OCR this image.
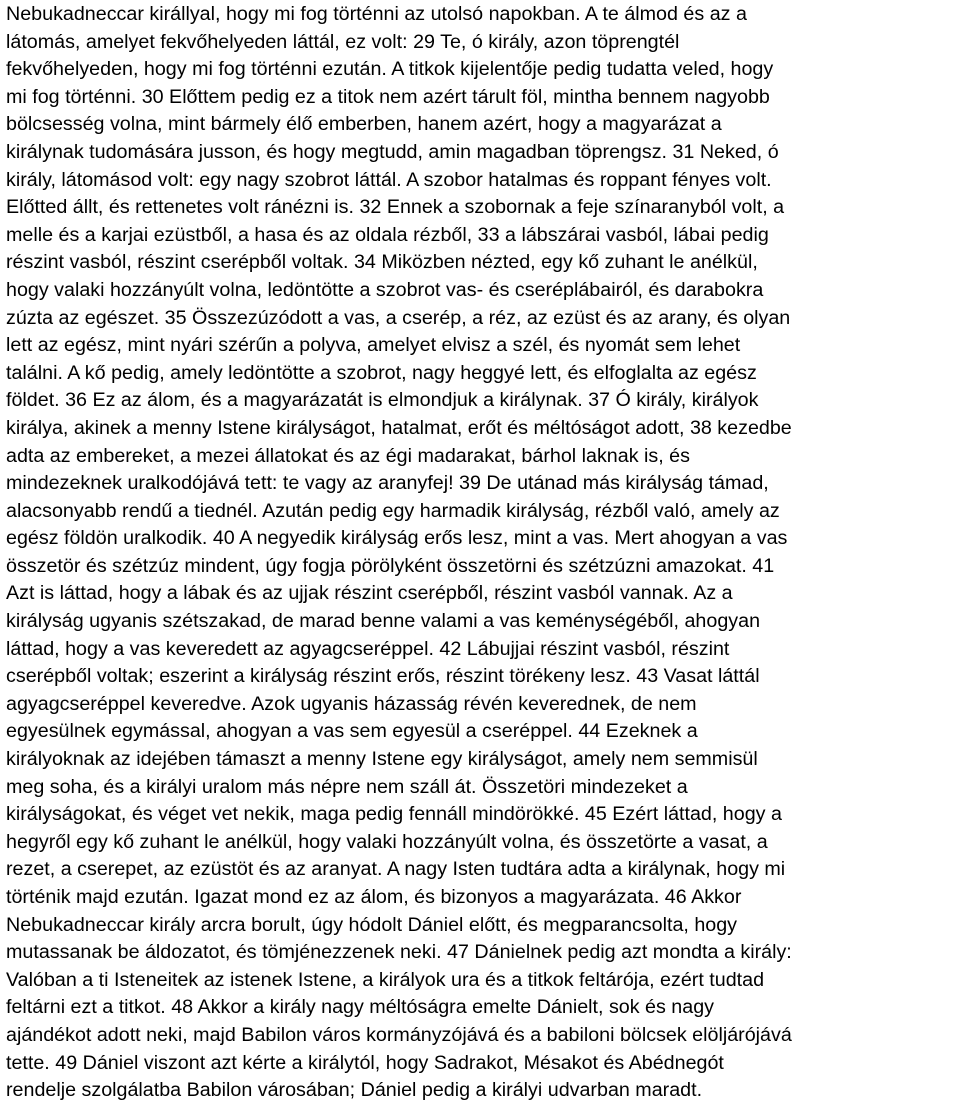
Nebukadneccar királlyal, hogy mi fog történni az utolsó napokban. A te álmod és az a
látomás, amelyet fekvőhelyeden láttál, ez volt: 29 Te, ó király, azon töprengtél
fekvőhelyeden, hogy mi fog történni ezután. A titkok kijelentője pedig tudatta veled, hogy
mi fog történni. 30 Előttem pedig ez a titok nem azért tárult föl, mintha bennem nagyobb
bölcsesség volna, mint bármely élő emberben, hanem azért, hogy a magyarázat a
királynak tudomására jusson, és hogy megtudd, amin magadban töprengsz. 31 Neked, ó
király, látomásod volt: egy nagy szobrot láttál. A szobor hatalmas és roppant fényes volt.
Előtted állt, és rettenetes volt ránézni is. 32 Ennek a szobornak a feje színaranyból volt, a
melle és a karjai ezüstből, a hasa és az oldala rézből, 33 a lábszárai vasból, lábai pedig
részint vasból, részint cserépből voltak. 34 Miközben nézted, egy kő zuhant le anélkül,
hogy valaki hozzányúlt volna, ledöntötte a szobrot vas- és cseréplábairól, és darabokra
zúzta az egészet. 35 Összezúzódott a vas, a cserép, a réz, az ezüst és az arany, és olyan
lett az egész, mint nyári szérűn a polyva, amelyet elvisz a szél, és nyomát sem lehet
találni. A kő pedig, amely ledöntötte a szobrot, nagy heggyé lett, és elfoglalta az egész
földet. 36 Ez az álom, és a magyarázatát is elmondjuk a királynak. 37 Ó király, királyok
királya, akinek a menny Istene királyságot, hatalmat, erőt és méltóságot adott, 38 kezedbe
adta az embereket, a mezei állatokat és az égi madarakat, bárhol laknak is, és
mindezeknek uralkodójává tett: te vagy az aranyfej! 39 De utánad más királyság támad,
alacsonyabb rendű a tiednél. Azután pedig egy harmadik királyság, rézből való, amely az
egész földön uralkodik. 40 A negyedik királyság erős lesz, mint a vas. Mert ahogyan a vas
összetör és szétzúz mindent, úgy fogja pörölyként összetörni és szétzúzni amazokat. 41
Azt is láttad, hogy a lábak és az ujjak részint cserépből, részint vasból vannak. Az a
királyság ugyanis szétszakad, de marad benne valami a vas keménységéből, ahogyan
láttad, hogy a vas keveredett az agyagcseréppel. 42 Lábujjai részint vasból, részint
cserépből voltak; eszerint a királyság részint erős, részint törékeny lesz. 43 Vasat láttál
agyagcseréppel keveredve. Azok ugyanis házasság révén keverednek, de nem
egyesülnek egymással, ahogyan a vas sem egyesül a cseréppel. 44 Ezeknek a
királyoknak az idejében támaszt a menny Istene egy királyságot, amely nem semmisül
meg soha, és a királyi uralom más népre nem száll át. Összetöri mindezeket a
királyságokat, és véget vet nekik, maga pedig fennáll mindörökké. 45 Ezért láttad, hogy a
hegyről egy kő zuhant le anélkül, hogy valaki hozzányúlt volna, és összetörte a vasat, a
rezet, a cserepet, az ezüstöt és az aranyat. A nagy Isten tudtára adta a királynak, hogy mi
történik majd ezután. Igazat mond ez az álom, és bizonyos a magyarázata. 46 Akkor
Nebukadneccar király arcra borult, úgy hódolt Dániel előtt, és megparancsolta, hogy
mutassanak be áldozatot, és tömjénezzenek neki. 47 Dánielnek pedig azt mondta a király:
Valóban a ti Isteneitek az istenek Istene, a királyok ura és a titkok feltárója, ezért tudtad
feltárni ezt a titkot. 48 Akkor a király nagy méltóságra emelte Dánielt, sok és nagy
ajándékot adott neki, majd Babilon város kormányzójává és a babiloni bölcsek elöljárójává
tette. 49 Dániel viszont azt kérte a királytól, hogy Sadrakot, Mésakot és Abédnegót
rendelje szolgálatba Babilon városában; Dániel pedig a királyi udvarban maradt.
